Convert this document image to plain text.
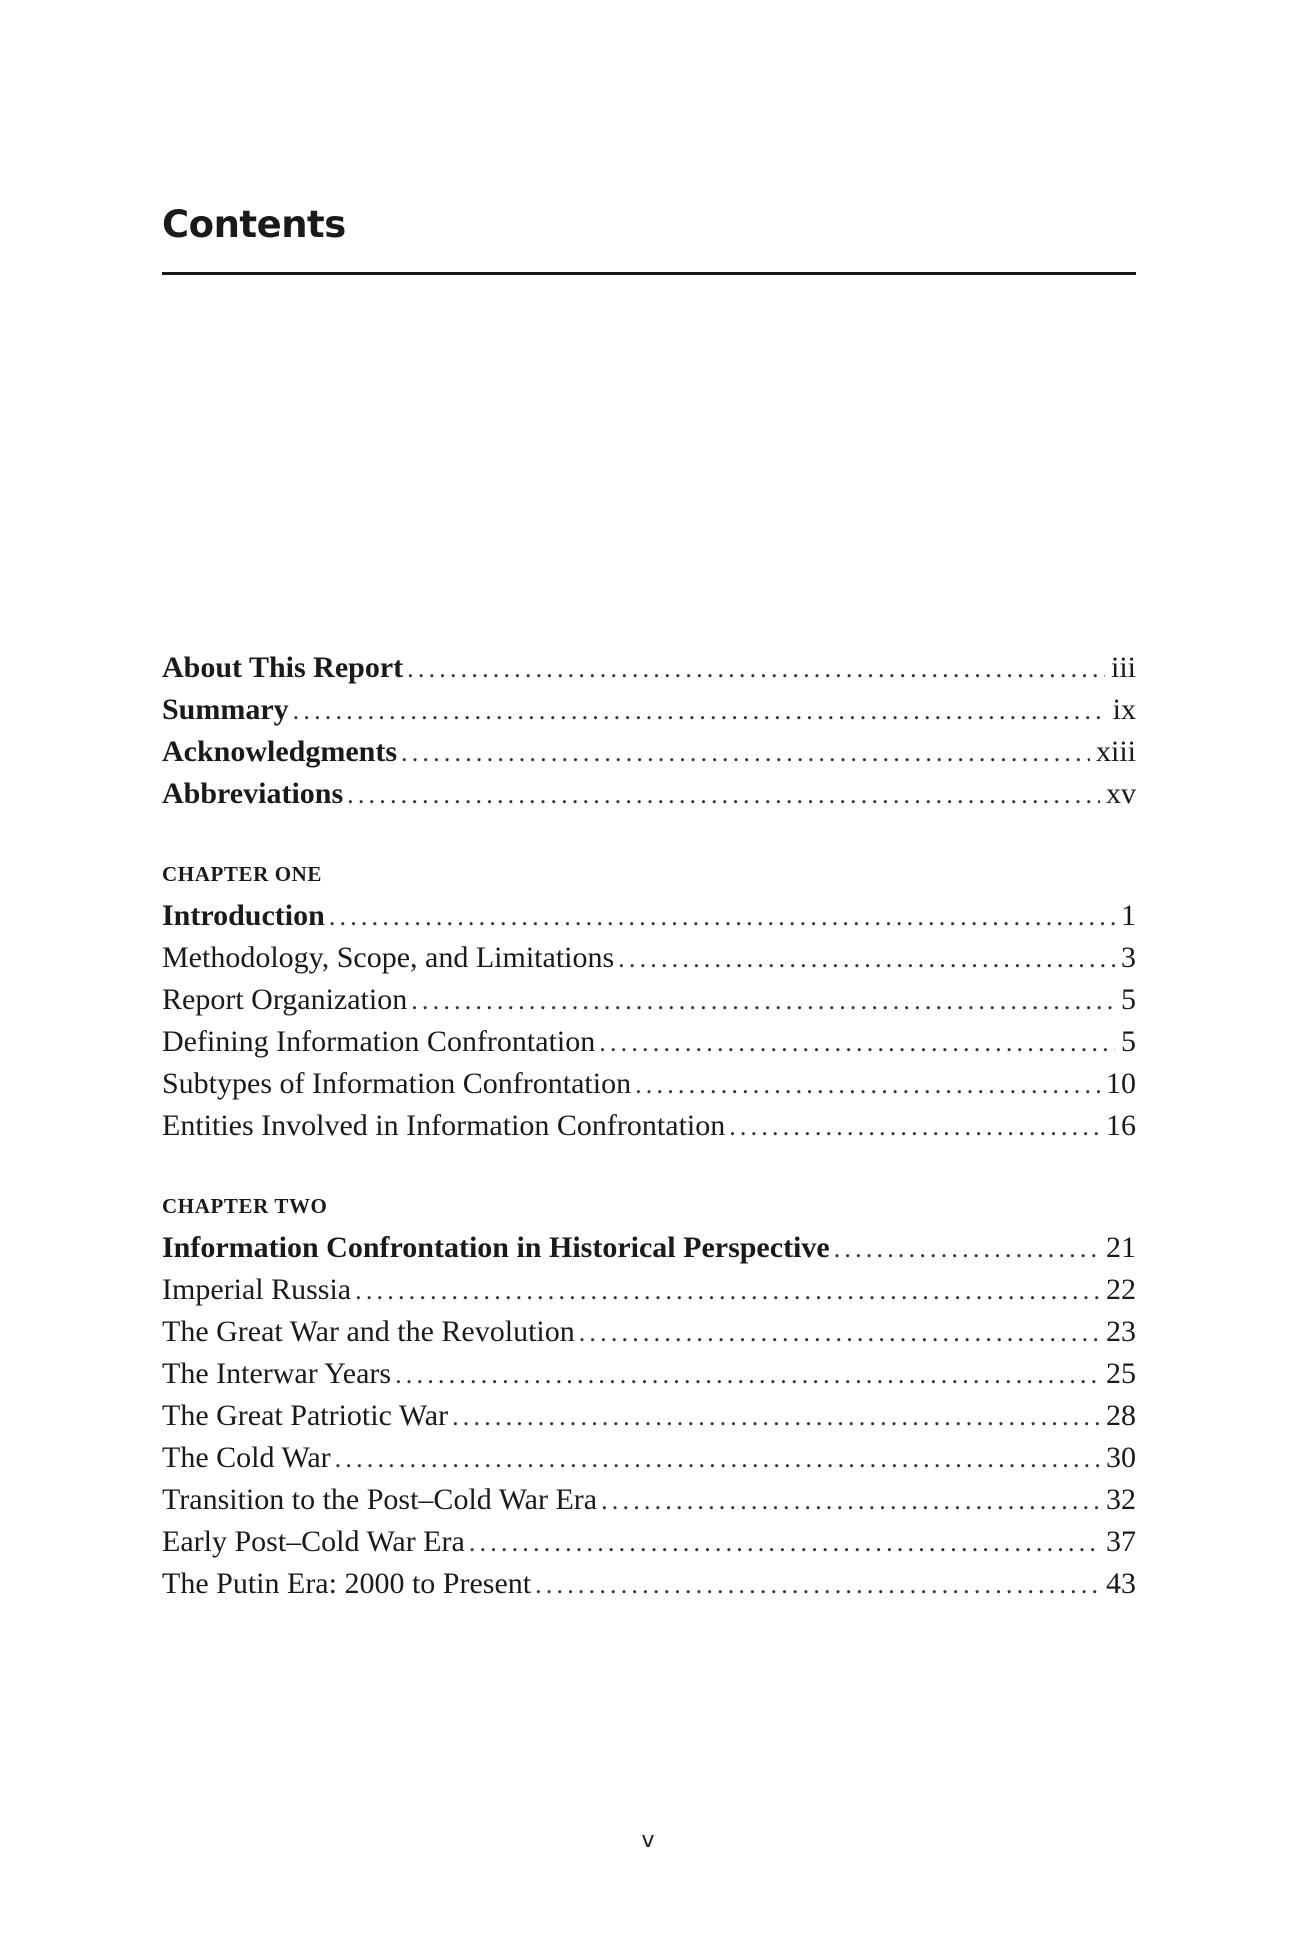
Contents
About This Report .....	iii
Summary .....	ix
Acknowledgments .....	xiii
Abbreviations .....	xv
CHAPTER ONE
Introduction .....	1
Methodology, Scope, and Limitations .....	3
Report Organization .....	5
Defining Information Confrontation .....	5
Subtypes of Information Confrontation .....	10
Entities Involved in Information Confrontation .....	16
CHAPTER TWO
Information Confrontation in Historical Perspective .....	21
Imperial Russia .....	22
The Great War and the Revolution .....	23
The Interwar Years .....	25
The Great Patriotic War .....	28
The Cold War .....	30
Transition to the Post–Cold War Era .....	32
Early Post–Cold War Era .....	37
The Putin Era: 2000 to Present .....	43
v
